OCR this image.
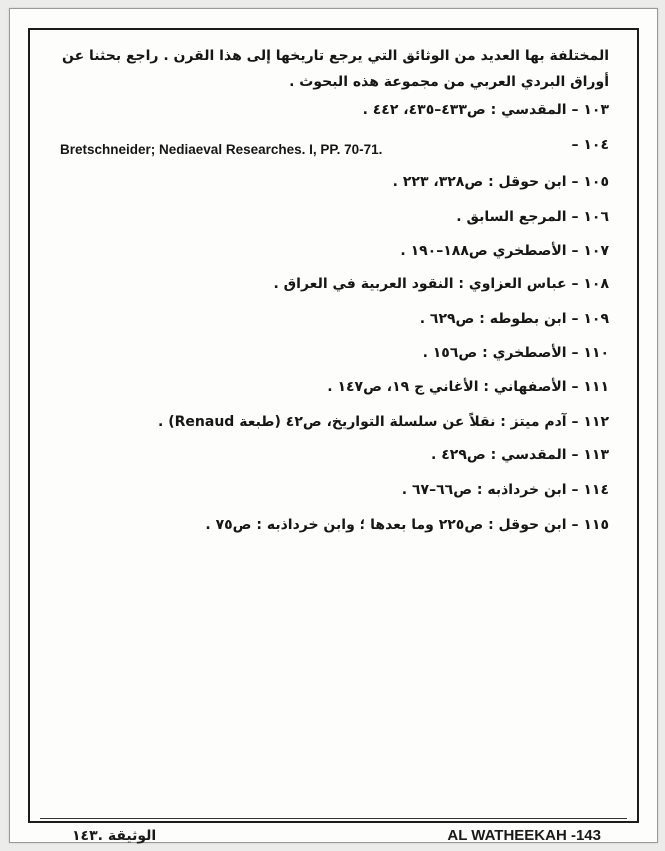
المختلفة بها العديد من الوثائق التي يرجع تاريخها إلى هذا القرن . راجع بحثنا عن أوراق البردي العربي من مجموعة هذه البحوث .

١٠٣ – المقدسي : ص٤٣٣–٤٣٥، ٤٤٢ .

– ١٠٤

Bretschneider; Nediaeval Researches. I, PP. 70-71.

١٠٥ – ابن حوقل : ص٣٢٨، ٢٢٣ .

١٠٦ – المرجع السابق .

١٠٧ – الأصطخري ص١٨٨–١٩٠ .

١٠٨ – عباس العزاوي : النقود العربية في العراق .

١٠٩ – ابن بطوطه : ص٦٢٩ .

١١٠ – الأصطخري : ص١٥٦ .

١١١ – الأصفهاني : الأغاني ج ١٩، ص١٤٧ .

١١٢ – آدم ميتز : نقلاً عن سلسلة التواريخ، ص٤٢ (طبعة Renaud) .

١١٣ – المقدسي : ص٤٢٩ .

١١٤ – ابن خرداذبه : ص٦٦–٦٧ .

١١٥ – ابن حوقل : ص٢٢٥ وما بعدها ؛ وابن خرداذبه : ص٧٥ .

الوثيقة .١٤٣	AL WATHEEKAH -143
